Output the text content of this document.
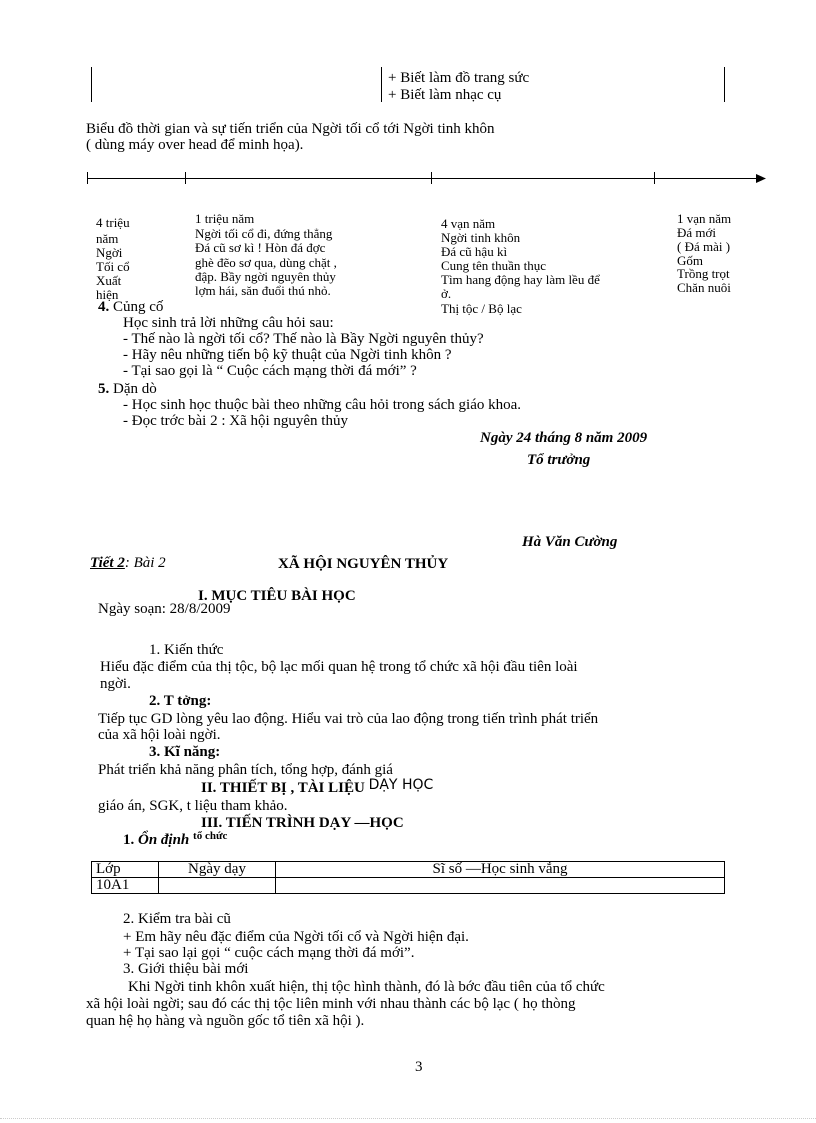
+ Biết làm đồ trang sức
+ Biết làm nhạc cụ
Biểu đồ thời gian và sự tiến triển của Ngời tối cổ tới Ngời tinh khôn
( dùng máy over head để minh họa).
4 triệu
năm
Ngời
Tối cổ
Xuất
hiện
1 triệu năm
Ngời tối cổ đi, đứng thẳng
Đá cũ sơ kì ! Hòn đá đợc
ghè đẽo sơ qua, dùng chặt ,
đập. Bầy ngời nguyên thủy
lợm hái, săn đuổi thú nhỏ.
4 vạn năm
Ngời tinh khôn
Đá cũ hậu kì
Cung tên thuần thục
Tìm hang động hay làm lều để
ở.
Thị tộc / Bộ lạc
1 vạn năm
Đá mới
( Đá mài )
Gốm
Trồng trọt
Chăn nuôi
4. Củng cố
Học sinh trả lời những câu hỏi sau:
- Thế nào là ngời tối cổ? Thế nào là Bầy Ngời nguyên thủy?
- Hãy nêu những tiến bộ kỹ thuật của Ngời tinh khôn ?
- Tại sao gọi là “ Cuộc cách mạng thời đá mới” ?
5. Dặn dò
- Học sinh học thuộc bài theo những câu hỏi trong sách giáo khoa.
- Đọc trớc bài 2 : Xã hội nguyên thủy
Ngày 24 tháng 8 năm 2009
Tổ trưởng
Hà Văn Cường
Tiết 2: Bài 2	XÃ HỘI NGUYÊN THỦY
I. MỤC TIÊU BÀI HỌC
Ngày soạn: 28/8/2009
1. Kiến thức
Hiểu đặc điểm của thị tộc, bộ lạc mối quan hệ trong tổ chức xã hội đầu tiên loài
ngời.
2. T tởng:
Tiếp tục GD lòng yêu lao động. Hiểu vai trò của lao động trong tiến trình phát triển
của xã hội loài ngời.
3. Kĩ năng:
Phát triển khả năng phân tích, tổng hợp, đánh giá
II. THIẾT BỊ , TÀI LIỆU DẠY HỌC
giáo án, SGK, t liệu tham khảo.
III. TIẾN TRÌNH DẠY —HỌC
1. Ổn định $^{tổ chức}$
Lớp	Ngày dạy	Sĩ số —Học sinh vắng
10A1		
2. Kiểm tra bài cũ
+ Em hãy nêu đặc điểm của Ngời tối cổ và Ngời hiện đại.
+ Tại sao lại gọi “ cuộc cách mạng thời đá mới”.
3. Giới thiệu bài mới
Khi Ngời tinh khôn xuất hiện, thị tộc hình thành, đó là bớc đầu tiên của tổ chức
xã hội loài ngời; sau đó các thị tộc liên minh với nhau thành các bộ lạc ( họ thòng
quan hệ họ hàng và nguồn gốc tổ tiên xã hội ).
3
